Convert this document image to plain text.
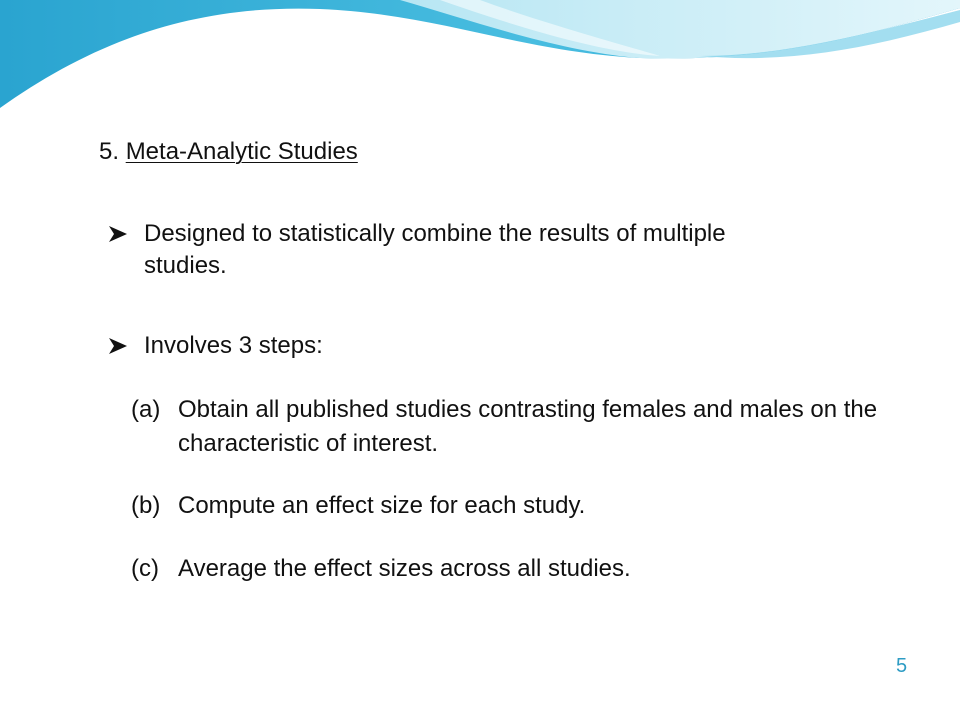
5. Meta-Analytic Studies
Designed to statistically combine the results of multiple studies.
Involves 3 steps:
(a) Obtain all published studies contrasting females and males on the characteristic of interest.
(b) Compute an effect size for each study.
(c) Average the effect sizes across all studies.
5
